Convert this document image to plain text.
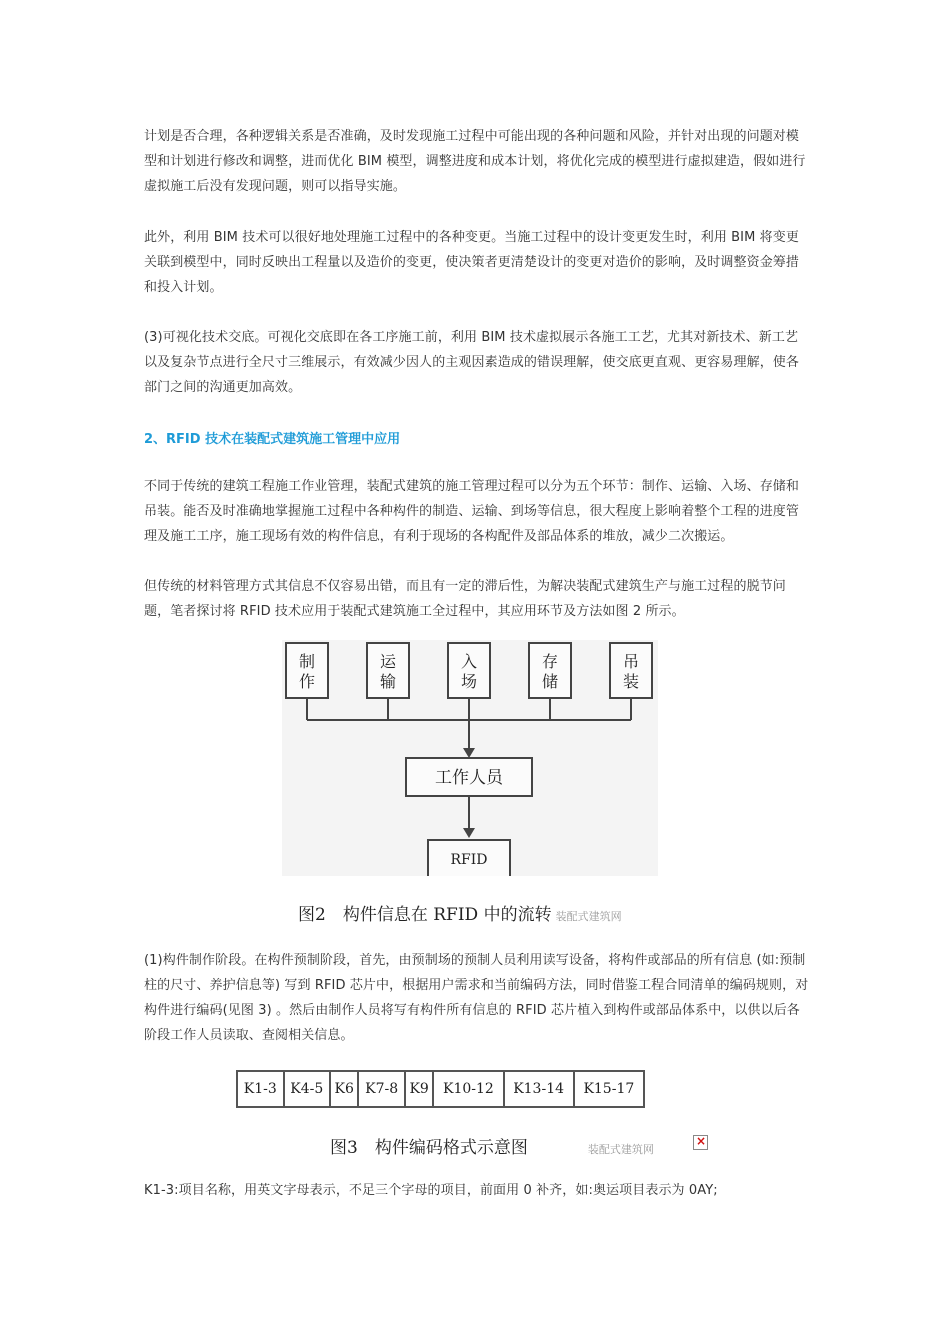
计划是否合理，各种逻辑关系是否准确，及时发现施工过程中可能出现的各种问题和风险，并针对出现的问题对模型和计划进行修改和调整，进而优化 BIM 模型，调整进度和成本计划，将优化完成的模型进行虚拟建造，假如进行虚拟施工后没有发现问题，则可以指导实施。

此外，利用 BIM 技术可以很好地处理施工过程中的各种变更。当施工过程中的设计变更发生时，利用 BIM 将变更关联到模型中，同时反映出工程量以及造价的变更，使决策者更清楚设计的变更对造价的影响，及时调整资金筹措和投入计划。

(3)可视化技术交底。可视化交底即在各工序施工前，利用 BIM 技术虚拟展示各施工工艺，尤其对新技术、新工艺以及复杂节点进行全尺寸三维展示，有效减少因人的主观因素造成的错误理解，使交底更直观、更容易理解，使各部门之间的沟通更加高效。

2、RFID 技术在装配式建筑施工管理中应用

不同于传统的建筑工程施工作业管理，装配式建筑的施工管理过程可以分为五个环节：制作、运输、入场、存储和吊装。能否及时准确地掌握施工过程中各种构件的制造、运输、到场等信息，很大程度上影响着整个工程的进度管理及施工工序，施工现场有效的构件信息，有利于现场的各构配件及部品体系的堆放，减少二次搬运。

但传统的材料管理方式其信息不仅容易出错，而且有一定的滞后性，为解决装配式建筑生产与施工过程的脱节问题，笔者探讨将 RFID 技术应用于装配式建筑施工全过程中，其应用环节及方法如图 2 所示。

制
作
运
输
入
场
存
储
吊
装
工作人员
RFID
图2　构件信息在 RFID 中的流转 装配式建筑网

(1)构件制作阶段。在构件预制阶段，首先，由预制场的预制人员利用读写设备，将构件或部品的所有信息 (如:预制柱的尺寸、养护信息等) 写到 RFID 芯片中，根据用户需求和当前编码方法，同时借鉴工程合同清单的编码规则，对构件进行编码(见图 3) 。然后由制作人员将写有构件所有信息的 RFID 芯片植入到构件或部品体系中，以供以后各阶段工作人员读取、查阅相关信息。

K1-3	K4-5	K6	K7-8	K9	K10-12	K13-14	K15-17
图3　构件编码格式示意图	装配式建筑网
×

K1-3:项目名称，用英文字母表示，不足三个字母的项目，前面用 0 补齐，如:奥运项目表示为 0AY;
